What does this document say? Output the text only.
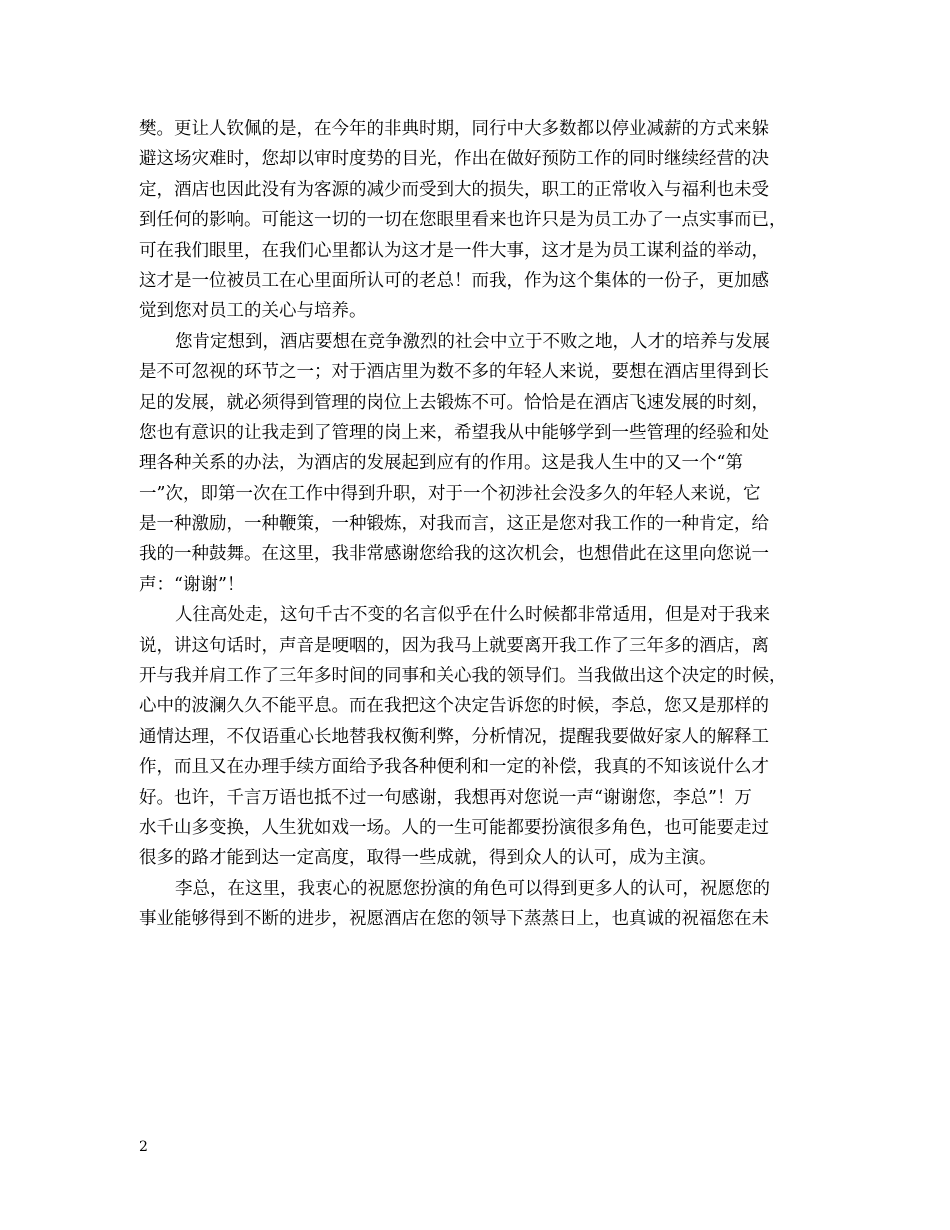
樊。更让人钦佩的是，在今年的非典时期，同行中大多数都以停业减薪的方式来躲
避这场灾难时，您却以审时度势的目光，作出在做好预防工作的同时继续经营的决
定，酒店也因此没有为客源的减少而受到大的损失，职工的正常收入与福利也未受
到任何的影响。可能这一切的一切在您眼里看来也许只是为员工办了一点实事而已，
可在我们眼里，在我们心里都认为这才是一件大事，这才是为员工谋利益的举动，
这才是一位被员工在心里面所认可的老总！而我，作为这个集体的一份子，更加感
觉到您对员工的关心与培养。
您肯定想到，酒店要想在竞争激烈的社会中立于不败之地，人才的培养与发展
是不可忽视的环节之一；对于酒店里为数不多的年轻人来说，要想在酒店里得到长
足的发展，就必须得到管理的岗位上去锻炼不可。恰恰是在酒店飞速发展的时刻，
您也有意识的让我走到了管理的岗上来，希望我从中能够学到一些管理的经验和处
理各种关系的办法，为酒店的发展起到应有的作用。这是我人生中的又一个“第
一”次，即第一次在工作中得到升职，对于一个初涉社会没多久的年轻人来说，它
是一种激励，一种鞭策，一种锻炼，对我而言，这正是您对我工作的一种肯定，给
我的一种鼓舞。在这里，我非常感谢您给我的这次机会，也想借此在这里向您说一
声：“谢谢”！
人往高处走，这句千古不变的名言似乎在什么时候都非常适用，但是对于我来
说，讲这句话时，声音是哽咽的，因为我马上就要离开我工作了三年多的酒店，离
开与我并肩工作了三年多时间的同事和关心我的领导们。当我做出这个决定的时候，
心中的波澜久久不能平息。而在我把这个决定告诉您的时候，李总，您又是那样的
通情达理，不仅语重心长地替我权衡利弊，分析情况，提醒我要做好家人的解释工
作，而且又在办理手续方面给予我各种便利和一定的补偿，我真的不知该说什么才
好。也许，千言万语也抵不过一句感谢，我想再对您说一声“谢谢您，李总”！万
水千山多变换，人生犹如戏一场。人的一生可能都要扮演很多角色，也可能要走过
很多的路才能到达一定高度，取得一些成就，得到众人的认可，成为主演。
李总，在这里，我衷心的祝愿您扮演的角色可以得到更多人的认可，祝愿您的
事业能够得到不断的进步，祝愿酒店在您的领导下蒸蒸日上，也真诚的祝福您在未
2
